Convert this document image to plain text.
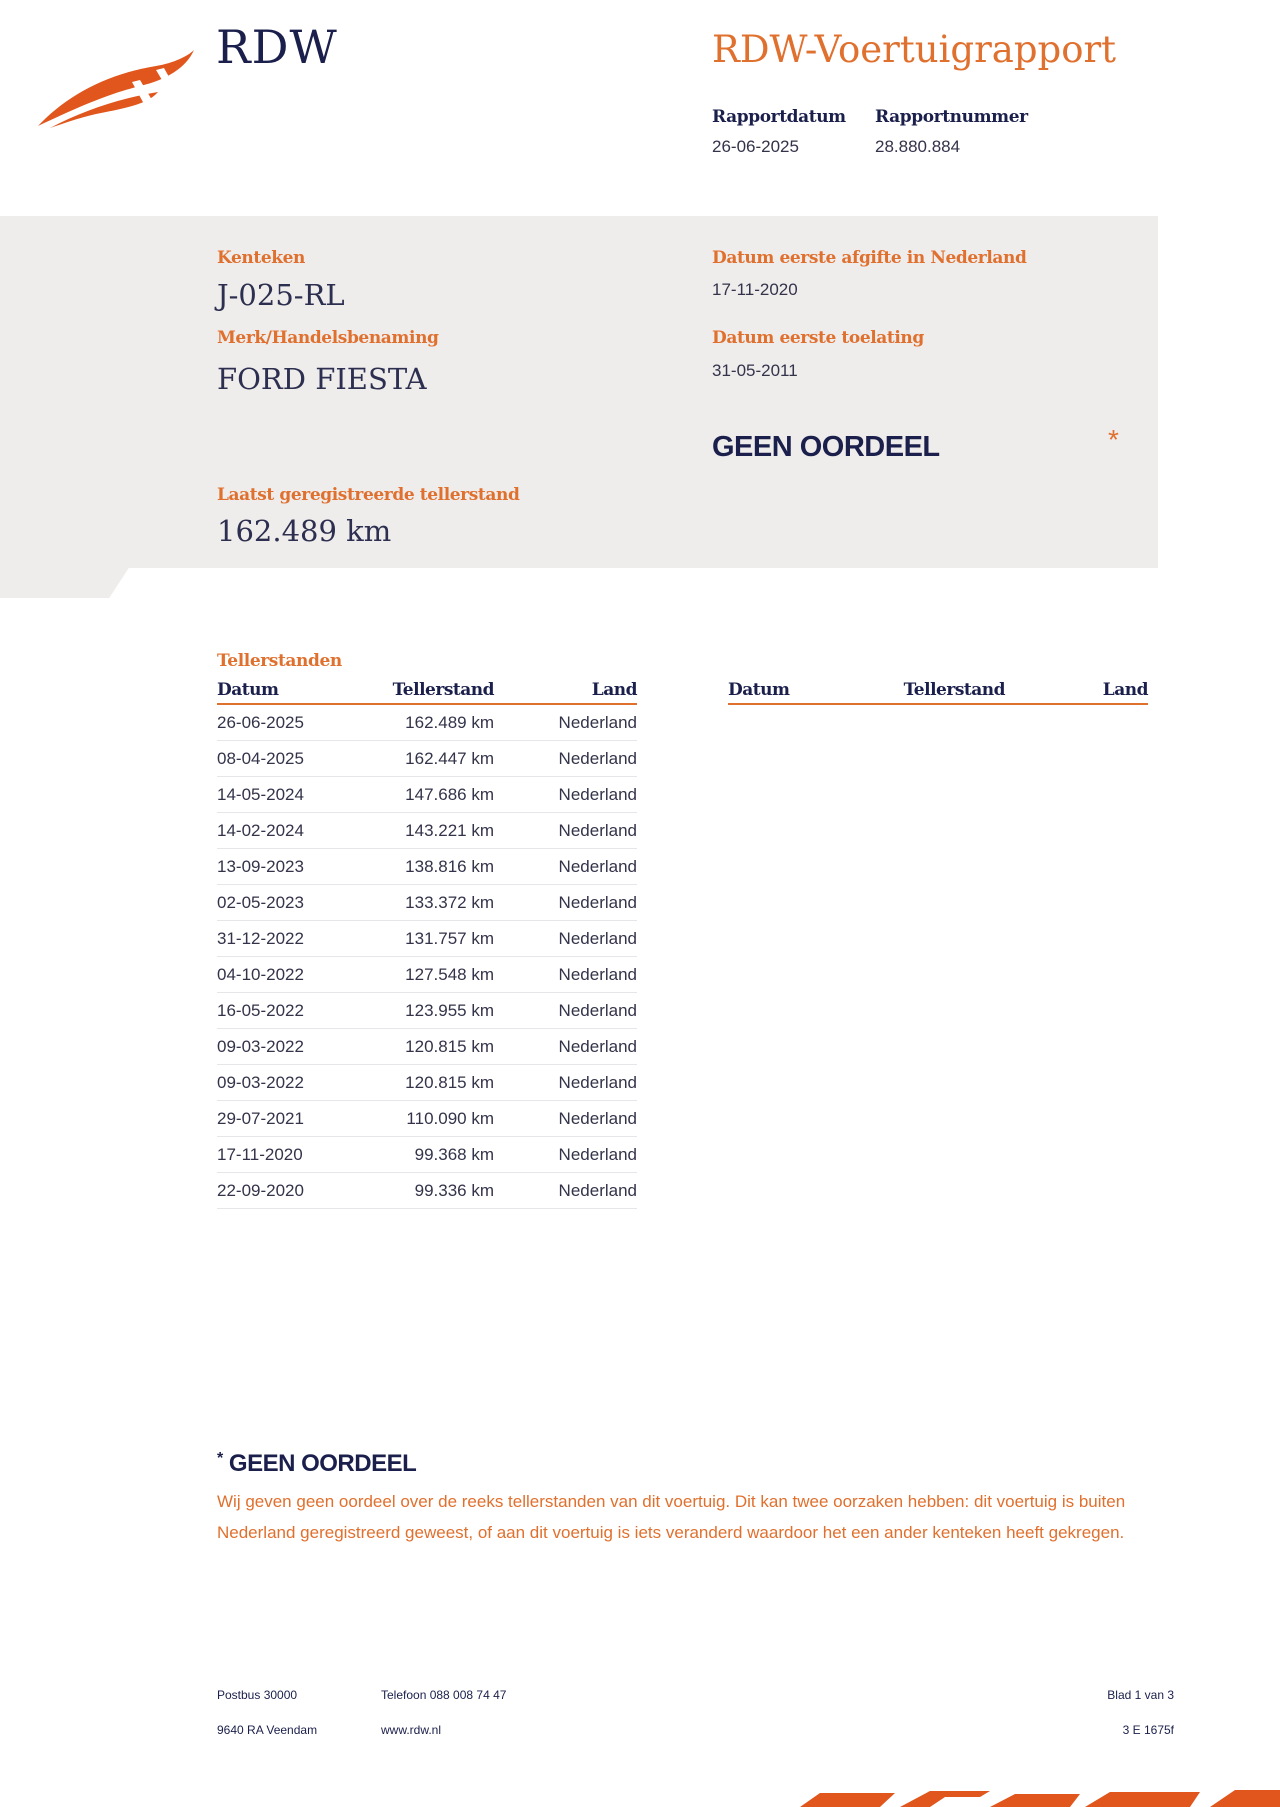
RDW	RDW-Voertuigrapport
Rapportdatum
26-06-2025
Rapportnummer
28.880.884
Kenteken
J-025-RL
Merk/Handelsbenaming
FORD FIESTA
Datum eerste afgifte in Nederland
17-11-2020
Datum eerste toelating
31-05-2011
GEEN OORDEEL	*
Laatst geregistreerde tellerstand
162.489 km
Tellerstanden
Datum	Tellerstand	Land
26-06-2025	162.489 km	Nederland
08-04-2025	162.447 km	Nederland
14-05-2024	147.686 km	Nederland
14-02-2024	143.221 km	Nederland
13-09-2023	138.816 km	Nederland
02-05-2023	133.372 km	Nederland
31-12-2022	131.757 km	Nederland
04-10-2022	127.548 km	Nederland
16-05-2022	123.955 km	Nederland
09-03-2022	120.815 km	Nederland
09-03-2022	120.815 km	Nederland
29-07-2021	110.090 km	Nederland
17-11-2020	99.368 km	Nederland
22-09-2020	99.336 km	Nederland
Datum	Tellerstand	Land
* GEEN OORDEEL
Wij geven geen oordeel over de reeks tellerstanden van dit voertuig. Dit kan twee oorzaken hebben: dit voertuig is buiten Nederland geregistreerd geweest, of aan dit voertuig is iets veranderd waardoor het een ander kenteken heeft gekregen.
Postbus 30000
9640 RA Veendam
Telefoon 088 008 74 47
www.rdw.nl
Blad 1 van 3
3 E 1675f
